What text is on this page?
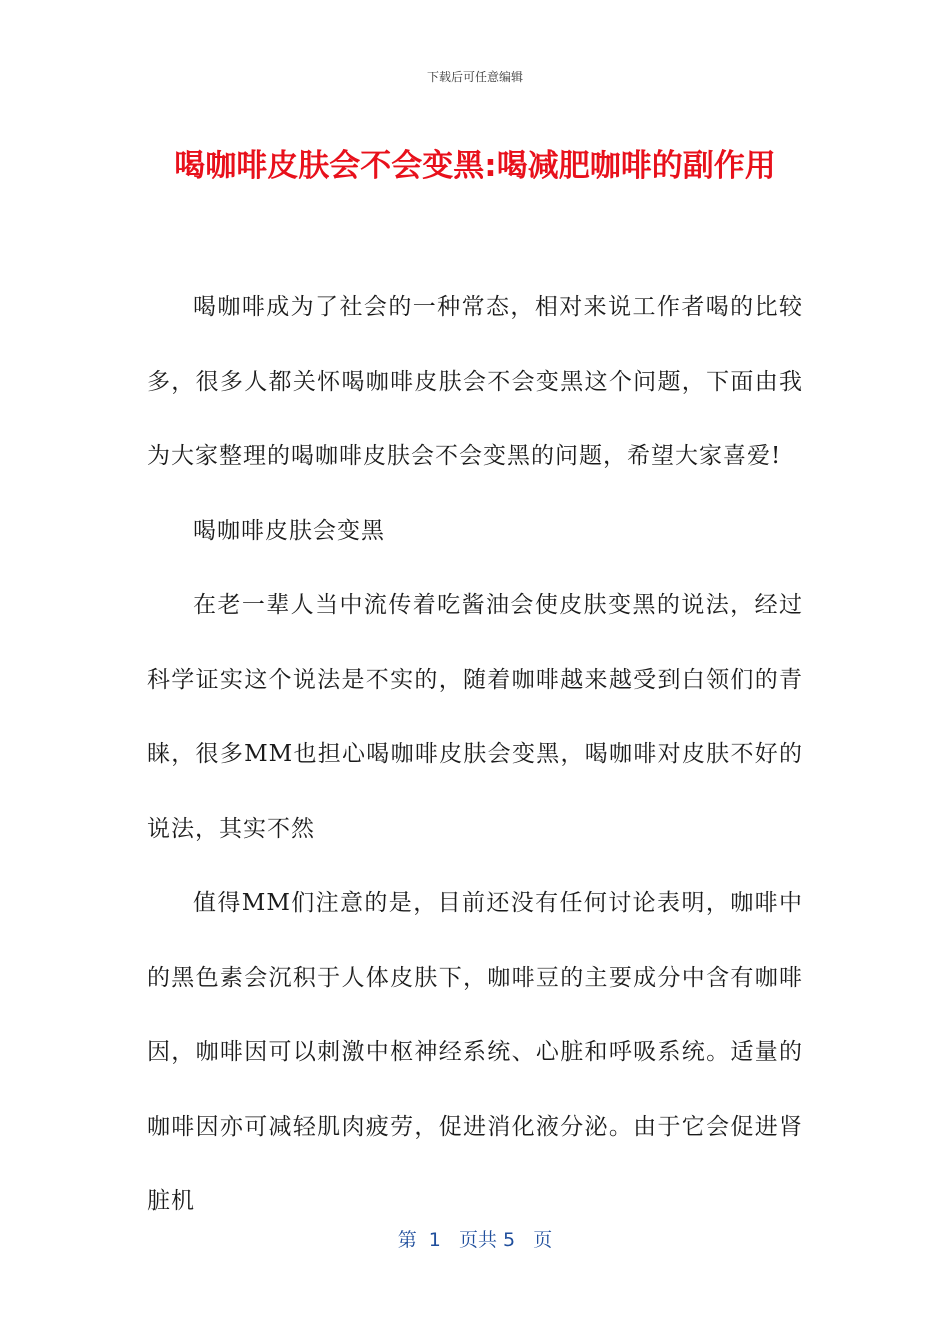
下载后可任意编辑
喝咖啡皮肤会不会变黑:喝减肥咖啡的副作用

喝咖啡成为了社会的一种常态，相对来说工作者喝的比较多，很多人都关怀喝咖啡皮肤会不会变黑这个问题，下面由我为大家整理的喝咖啡皮肤会不会变黑的问题，希望大家喜爱!

喝咖啡皮肤会变黑

在老一辈人当中流传着吃酱油会使皮肤变黑的说法，经过科学证实这个说法是不实的，随着咖啡越来越受到白领们的青睐，很多MM也担心喝咖啡皮肤会变黑，喝咖啡对皮肤不好的说法，其实不然

值得MM们注意的是，目前还没有任何讨论表明，咖啡中的黑色素会沉积于人体皮肤下，咖啡豆的主要成分中含有咖啡因，咖啡因可以刺激中枢神经系统、心脏和呼吸系统。适量的咖啡因亦可减轻肌肉疲劳，促进消化液分泌。由于它会促进肾脏机

第  1   页共 5   页
